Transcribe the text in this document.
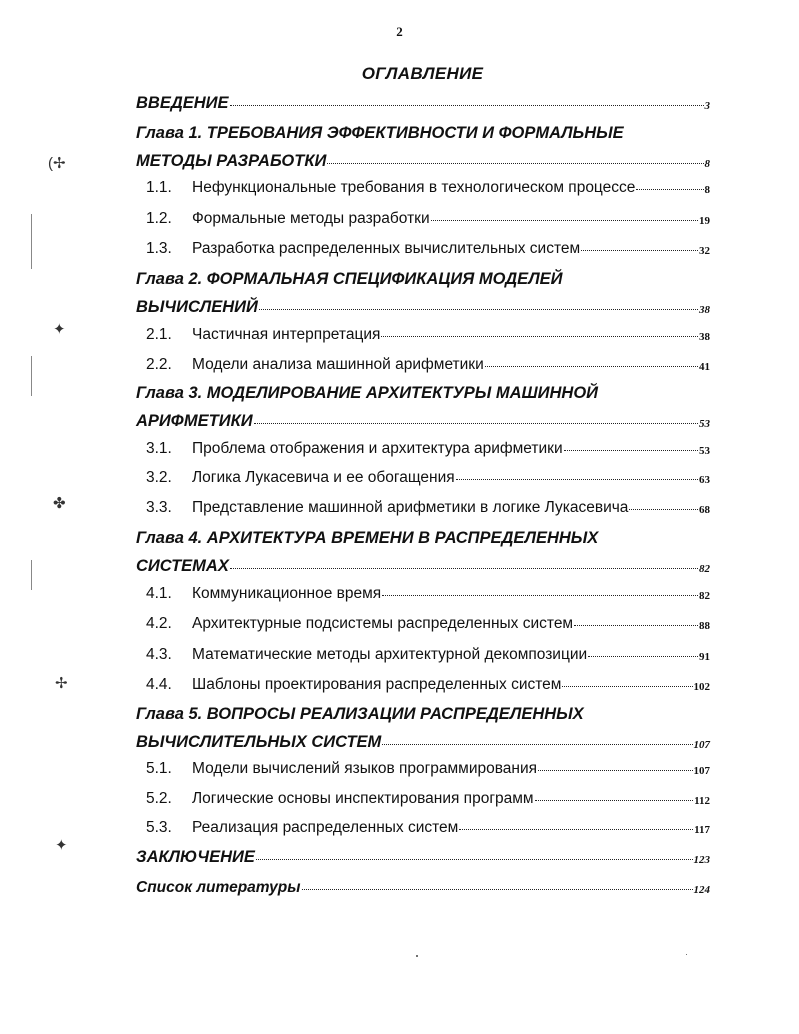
2
ОГЛАВЛЕНИЕ
ВВЕДЕНИЕ	3
Глава 1. ТРЕБОВАНИЯ ЭФФЕКТИВНОСТИ И ФОРМАЛЬНЫЕ
МЕТОДЫ РАЗРАБОТКИ	8
1.1.	Нефункциональные требования в технологическом процессе	8
1.2.	Формальные методы разработки	19
1.3.	Разработка распределенных вычислительных систем	32
Глава 2. ФОРМАЛЬНАЯ СПЕЦИФИКАЦИЯ МОДЕЛЕЙ
ВЫЧИСЛЕНИЙ	38
2.1.	Частичная интерпретация	38
2.2.	Модели анализа машинной арифметики	41
Глава 3. МОДЕЛИРОВАНИЕ АРХИТЕКТУРЫ МАШИННОЙ
АРИФМЕТИКИ	53
3.1.	Проблема отображения и архитектура арифметики	53
3.2.	Логика Лукасевича и ее обогащения	63
3.3.	Представление машинной арифметики в логике Лукасевича	68
Глава 4. АРХИТЕКТУРА ВРЕМЕНИ В РАСПРЕДЕЛЕННЫХ
СИСТЕМАХ	82
4.1.	Коммуникационное время	82
4.2.	Архитектурные подсистемы распределенных систем	88
4.3.	Математические методы архитектурной декомпозиции	91
4.4.	Шаблоны проектирования распределенных систем	102
Глава 5. ВОПРОСЫ РЕАЛИЗАЦИИ РАСПРЕДЕЛЕННЫХ
ВЫЧИСЛИТЕЛЬНЫХ СИСТЕМ	107
5.1.	Модели вычислений языков программирования	107
5.2.	Логические основы инспектирования программ	112
5.3.	Реализация распределенных систем	117
ЗАКЛЮЧЕНИЕ	123
Список литературы	124
(✢
✦
✤
✢
✦
